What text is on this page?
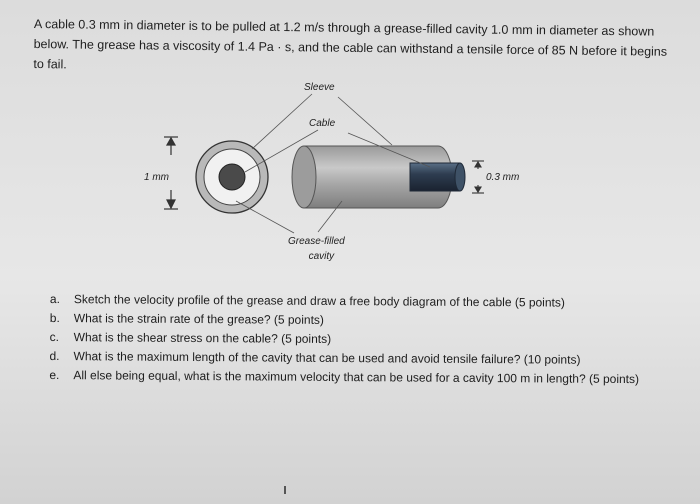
A cable 0.3 mm in diameter is to be pulled at 1.2 m/s through a grease-filled cavity 1.0 mm in diameter as shown below. The grease has a viscosity of 1.4 Pa · s, and the cable can withstand a tensile force of 85 N before it begins to fail.
Sleeve
Cable
1 mm	0.3 mm
Grease-filled
cavity
a.	Sketch the velocity profile of the grease and draw a free body diagram of the cable (5 points)
b.	What is the strain rate of the grease? (5 points)
c.	What is the shear stress on the cable? (5 points)
d.	What is the maximum length of the cavity that can be used and avoid tensile failure? (10 points)
e.	All else being equal, what is the maximum velocity that can be used for a cavity 100 m in length? (5 points)
